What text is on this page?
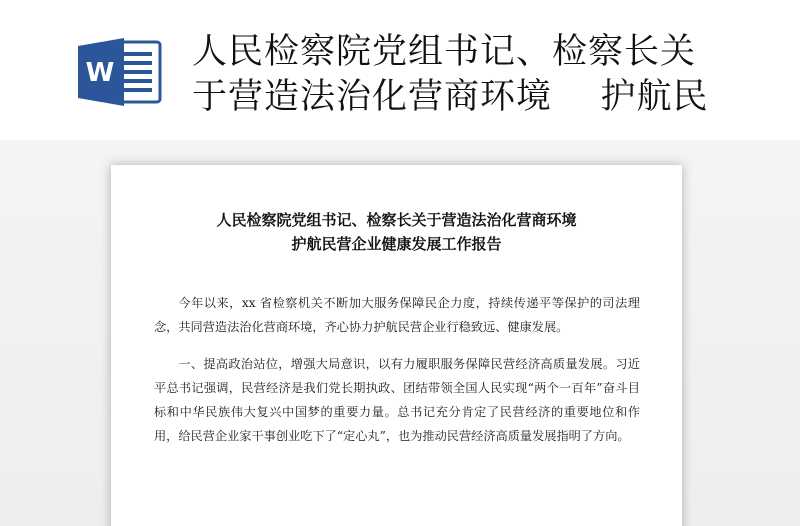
W
人民检察院党组书记、检察长关
于营造法治化营商环境    护航民
人民检察院党组书记、检察长关于营造法治化营商环境
护航民营企业健康发展工作报告

今年以来，xx 省检察机关不断加大服务保障民企力度，持续传递平等保护的司法理念，共同营造法治化营商环境，齐心协力护航民营企业行稳致远、健康发展。

一、提高政治站位，增强大局意识，以有力履职服务保障民营经济高质量发展。习近平总书记强调，民营经济是我们党长期执政、团结带领全国人民实现“两个一百年”奋斗目标和中华民族伟大复兴中国梦的重要力量。总书记充分肯定了民营经济的重要地位和作用，给民营企业家干事创业吃下了“定心丸”，也为推动民营经济高质量发展指明了方向。
